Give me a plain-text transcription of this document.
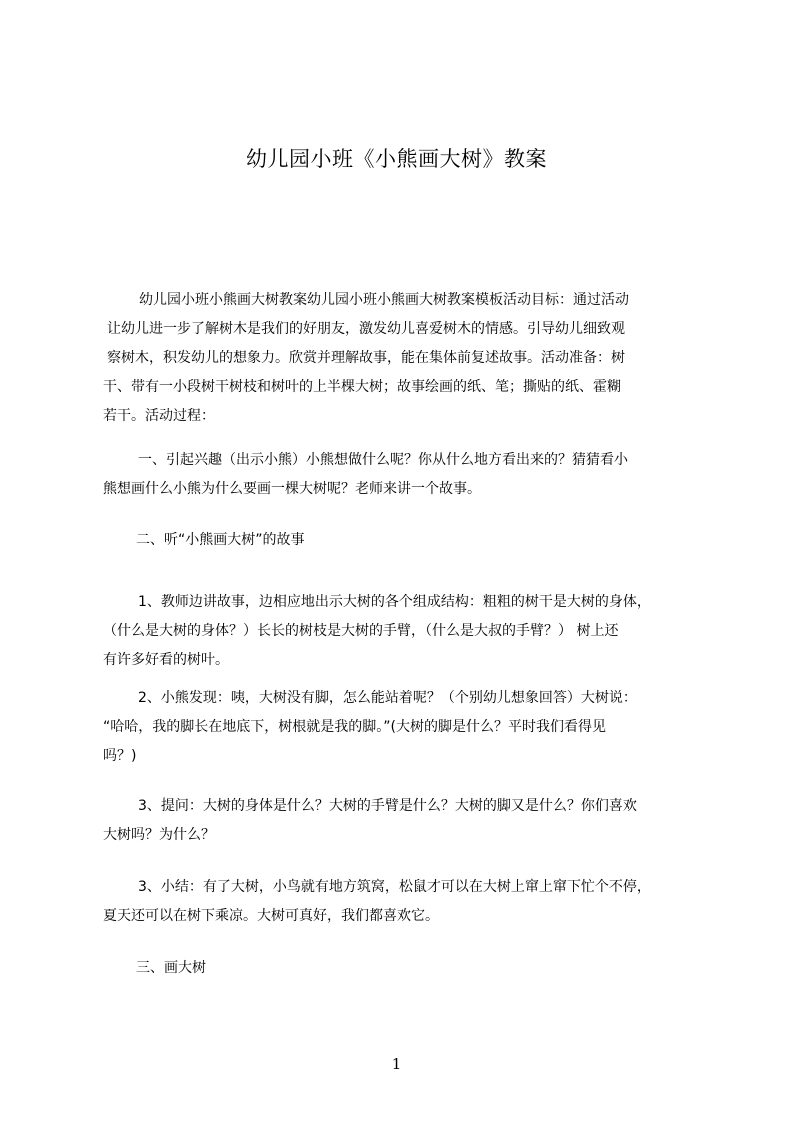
幼儿园小班《小熊画大树》教案

幼儿园小班小熊画大树教案幼儿园小班小熊画大树教案模板活动目标：通过活动
让幼儿进一步了解树木是我们的好朋友，激发幼儿喜爱树木的情感。引导幼儿细致观
察树木，积发幼儿的想象力。欣赏并理解故事，能在集体前复述故事。活动准备：树
干、带有一小段树干树枝和树叶的上半棵大树；故事绘画的纸、笔；撕贴的纸、霍糊
若干。活动过程：

一、引起兴趣（出示小熊）小熊想做什么呢？你从什么地方看出来的？猜猜看小
熊想画什么小熊为什么要画一棵大树呢？老师来讲一个故事。

二、听“小熊画大树”的故事

1、教师边讲故事，边相应地出示大树的各个组成结构：粗粗的树干是大树的身体，
（什么是大树的身体？）长长的树枝是大树的手臂，（什么是大叔的手臂？） 树上还
有许多好看的树叶。

2、小熊发现：咦，大树没有脚，怎么能站着呢？（个别幼儿想象回答）大树说：
“哈哈，我的脚长在地底下，树根就是我的脚。”(大树的脚是什么？平时我们看得见
吗？)

3、提问：大树的身体是什么？大树的手臂是什么？大树的脚又是什么？你们喜欢
大树吗？为什么？

3、小结：有了大树，小鸟就有地方筑窝，松鼠才可以在大树上窜上窜下忙个不停，
夏天还可以在树下乘凉。大树可真好，我们都喜欢它。

三、画大树

1
